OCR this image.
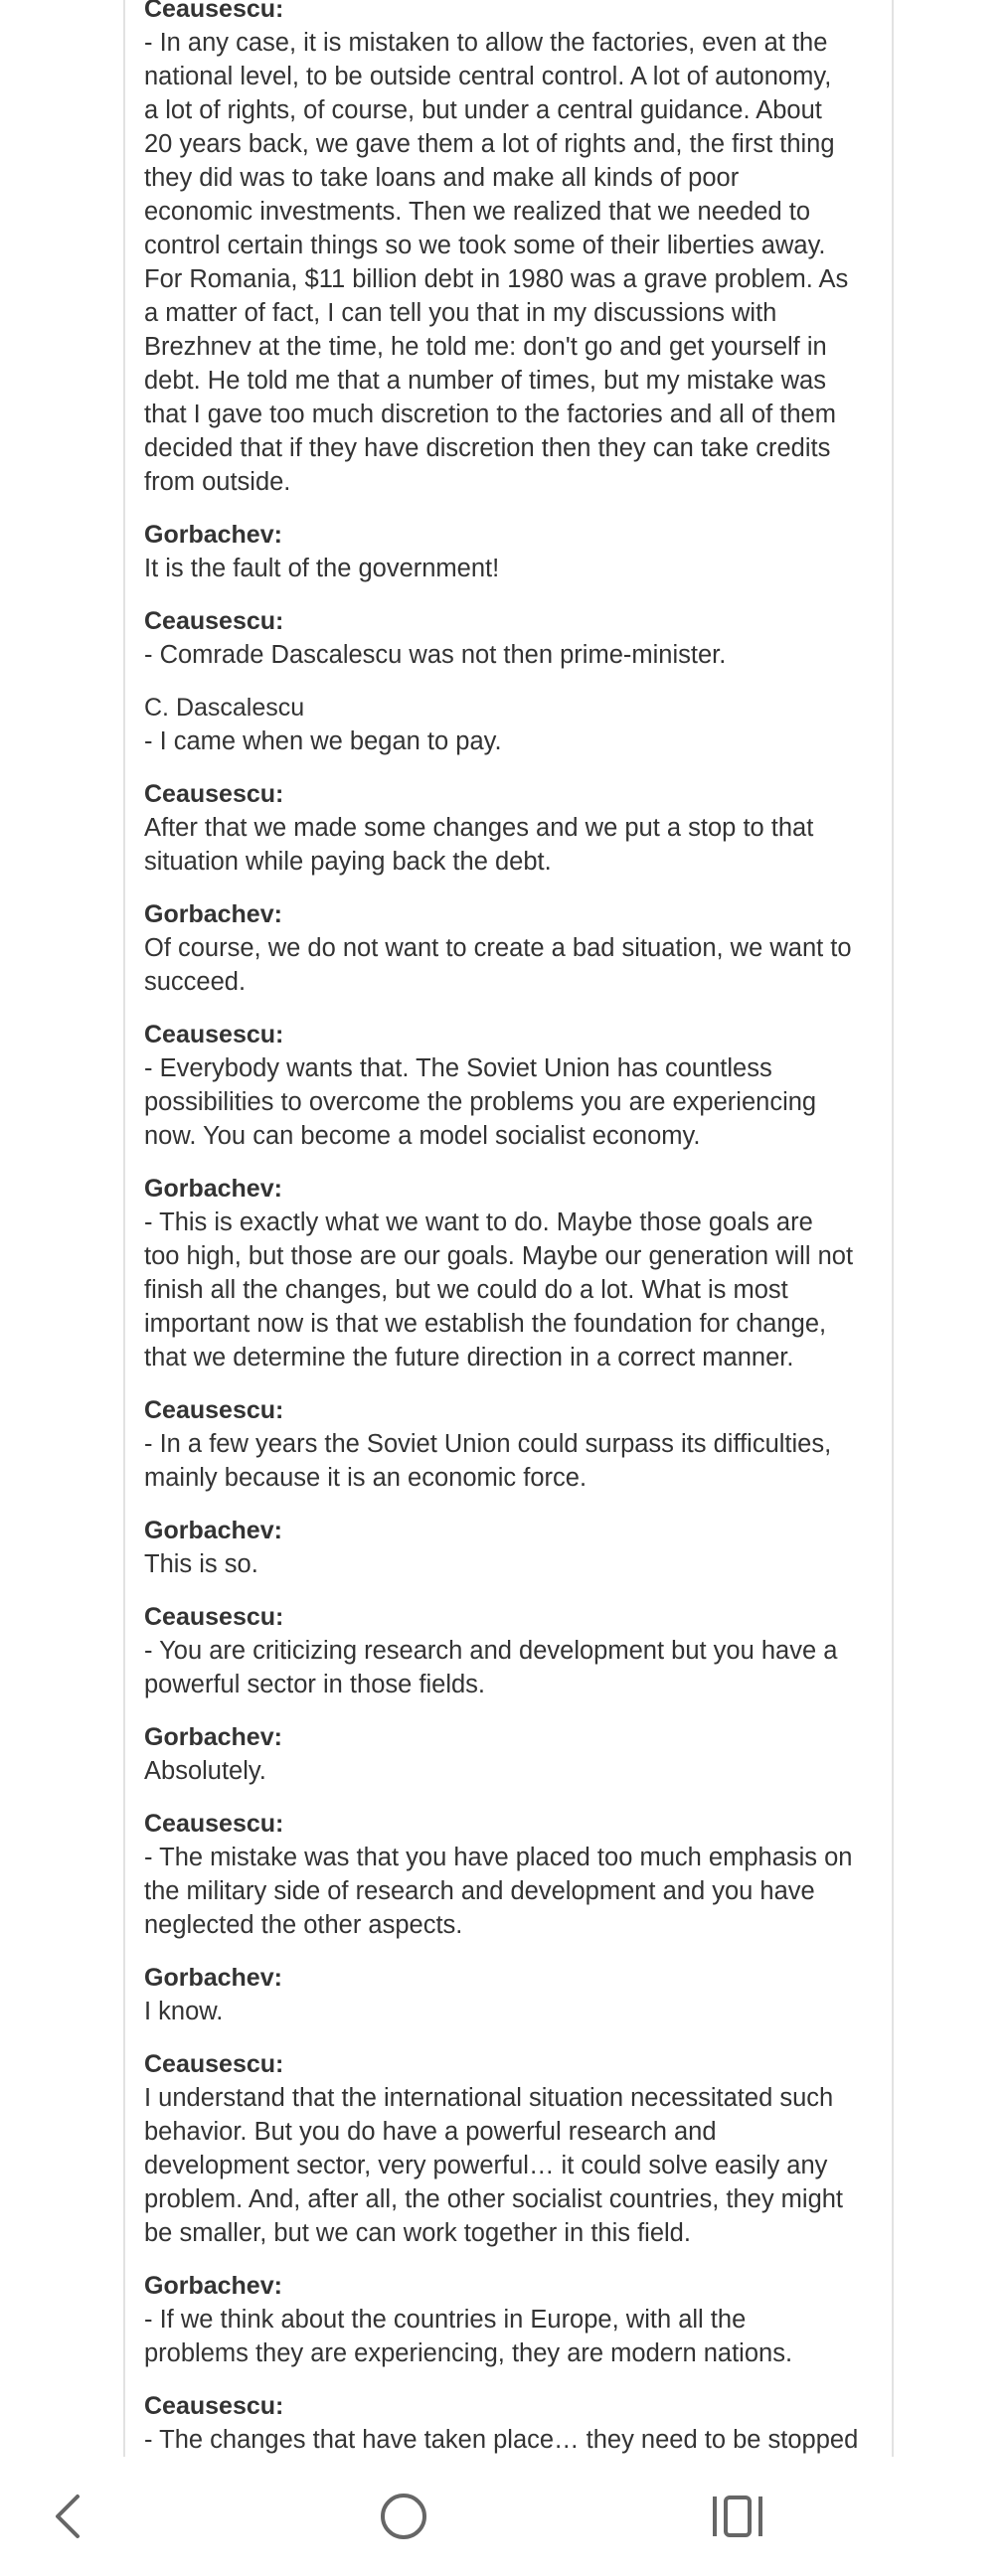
Ceausescu:
- In any case, it is mistaken to allow the factories, even at the
national level, to be outside central control. A lot of autonomy,
a lot of rights, of course, but under a central guidance. About
20 years back, we gave them a lot of rights and, the first thing
they did was to take loans and make all kinds of poor
economic investments. Then we realized that we needed to
control certain things so we took some of their liberties away.
For Romania, $11 billion debt in 1980 was a grave problem. As
a matter of fact, I can tell you that in my discussions with
Brezhnev at the time, he told me: don't go and get yourself in
debt. He told me that a number of times, but my mistake was
that I gave too much discretion to the factories and all of them
decided that if they have discretion then they can take credits
from outside.
Gorbachev:
It is the fault of the government!
Ceausescu:
- Comrade Dascalescu was not then prime-minister.
C. Dascalescu
- I came when we began to pay.
Ceausescu:
After that we made some changes and we put a stop to that
situation while paying back the debt.
Gorbachev:
Of course, we do not want to create a bad situation, we want to
succeed.
Ceausescu:
- Everybody wants that. The Soviet Union has countless
possibilities to overcome the problems you are experiencing
now. You can become a model socialist economy.
Gorbachev:
- This is exactly what we want to do. Maybe those goals are
too high, but those are our goals. Maybe our generation will not
finish all the changes, but we could do a lot. What is most
important now is that we establish the foundation for change,
that we determine the future direction in a correct manner.
Ceausescu:
- In a few years the Soviet Union could surpass its difficulties,
mainly because it is an economic force.
Gorbachev:
This is so.
Ceausescu:
- You are criticizing research and development but you have a
powerful sector in those fields.
Gorbachev:
Absolutely.
Ceausescu:
- The mistake was that you have placed too much emphasis on
the military side of research and development and you have
neglected the other aspects.
Gorbachev:
I know.
Ceausescu:
I understand that the international situation necessitated such
behavior. But you do have a powerful research and
development sector, very powerful… it could solve easily any
problem. And, after all, the other socialist countries, they might
be smaller, but we can work together in this field.
Gorbachev:
- If we think about the countries in Europe, with all the
problems they are experiencing, they are modern nations.
Ceausescu:
- The changes that have taken place… they need to be stopped
